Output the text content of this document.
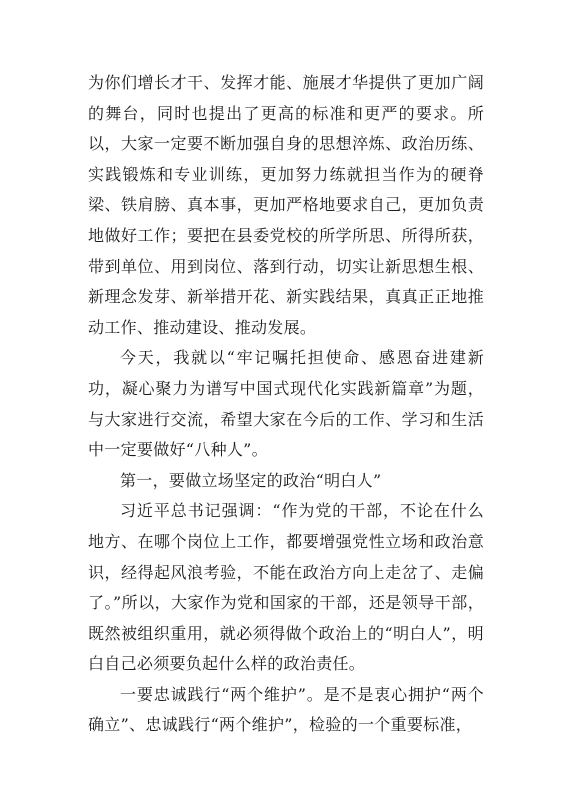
为你们增长才干、发挥才能、施展才华提供了更加广阔的舞台，同时也提出了更高的标准和更严的要求。所以，大家一定要不断加强自身的思想淬炼、政治历练、实践锻炼和专业训练，更加努力练就担当作为的硬脊梁、铁肩膀、真本事，更加严格地要求自己，更加负责地做好工作；要把在县委党校的所学所思、所得所获，带到单位、用到岗位、落到行动，切实让新思想生根、新理念发芽、新举措开花、新实践结果，真真正正地推动工作、推动建设、推动发展。

今天，我就以“牢记嘱托担使命、感恩奋进建新功，凝心聚力为谱写中国式现代化实践新篇章”为题，与大家进行交流，希望大家在今后的工作、学习和生活中一定要做好“八种人”。

第一，要做立场坚定的政治“明白人”

习近平总书记强调：“作为党的干部，不论在什么地方、在哪个岗位上工作，都要增强党性立场和政治意识，经得起风浪考验，不能在政治方向上走岔了、走偏了。”所以，大家作为党和国家的干部，还是领导干部，既然被组织重用，就必须得做个政治上的“明白人”，明白自己必须要负起什么样的政治责任。

一要忠诚践行“两个维护”。是不是衷心拥护“两个确立”、忠诚践行“两个维护”，检验的一个重要标准，
